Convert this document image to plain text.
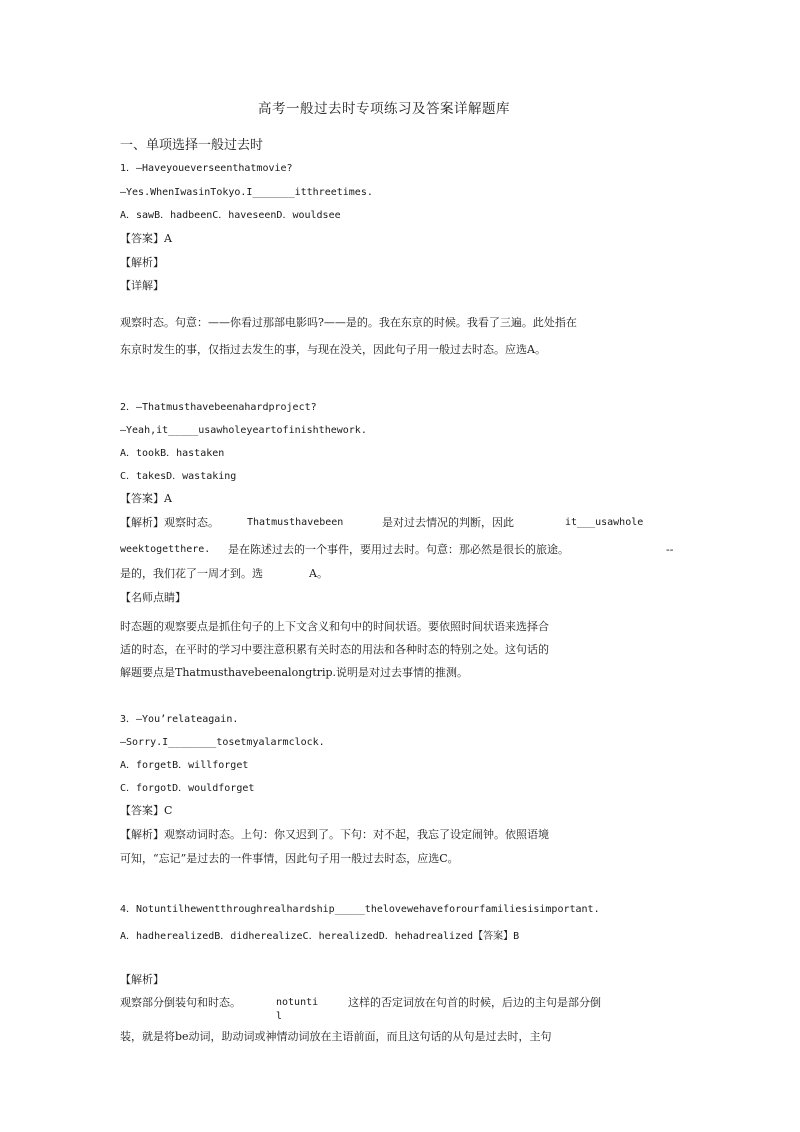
高考一般过去时专项练习及答案详解题库
一、单项选择一般过去时
1．—Haveyoueverseenthatmovie?
—Yes.WhenIwasinTokyo.I_______itthreetimes.
A．sawB．hadbeenC．haveseenD．wouldsee
【答案】A
【解析】
【详解】
观察时态。句意：——你看过那部电影吗?——是的。我在东京的时候。我看了三遍。此处指在
东京时发生的事，仅指过去发生的事，与现在没关，因此句子用一般过去时态。应选A。
2．—Thatmusthavebeenahardproject?
—Yeah,it_____usawholeyeartofinishthework.
A．tookB．hastaken
C．takesD．wastaking
【答案】A
【解析】观察时态。	Thatmusthavebeen	是对过去情况的判断，因此	it___usawhole
weektogetthere. 是在陈述过去的一个事件，要用过去时。句意：那必然是很长的旅途。	--
是的，我们花了一周才到。选	A。
【名师点睛】
时态题的观察要点是抓住句子的上下文含义和句中的时间状语。要依照时间状语来选择合
适的时态，在平时的学习中要注意积累有关时态的用法和各种时态的特别之处。这句话的
解题要点是Thatmusthavebeenalongtrip.说明是对过去事情的推测。
3．—You’relateagain.
—Sorry.I________tosetmyalarmclock.
A．forgetB．willforget
C．forgotD．wouldforget
【答案】C
【解析】观察动词时态。上句：你又迟到了。下句：对不起，我忘了设定闹钟。依照语境
可知，“忘记”是过去的一件事情，因此句子用一般过去时态，应选C。
4．Notuntilhewentthroughrealhardship_____thelovewehaveforourfamiliesisimportant.
A．hadherealizedB．didherealizeC．herealizedD．hehadrealized【答案】B
【解析】
观察部分倒装句和时态。	notunti
l
这样的否定词放在句首的时候，后边的主句是部分倒
装，就是将be动词，助动词或神情动词放在主语前面，而且这句话的从句是过去时，主句
